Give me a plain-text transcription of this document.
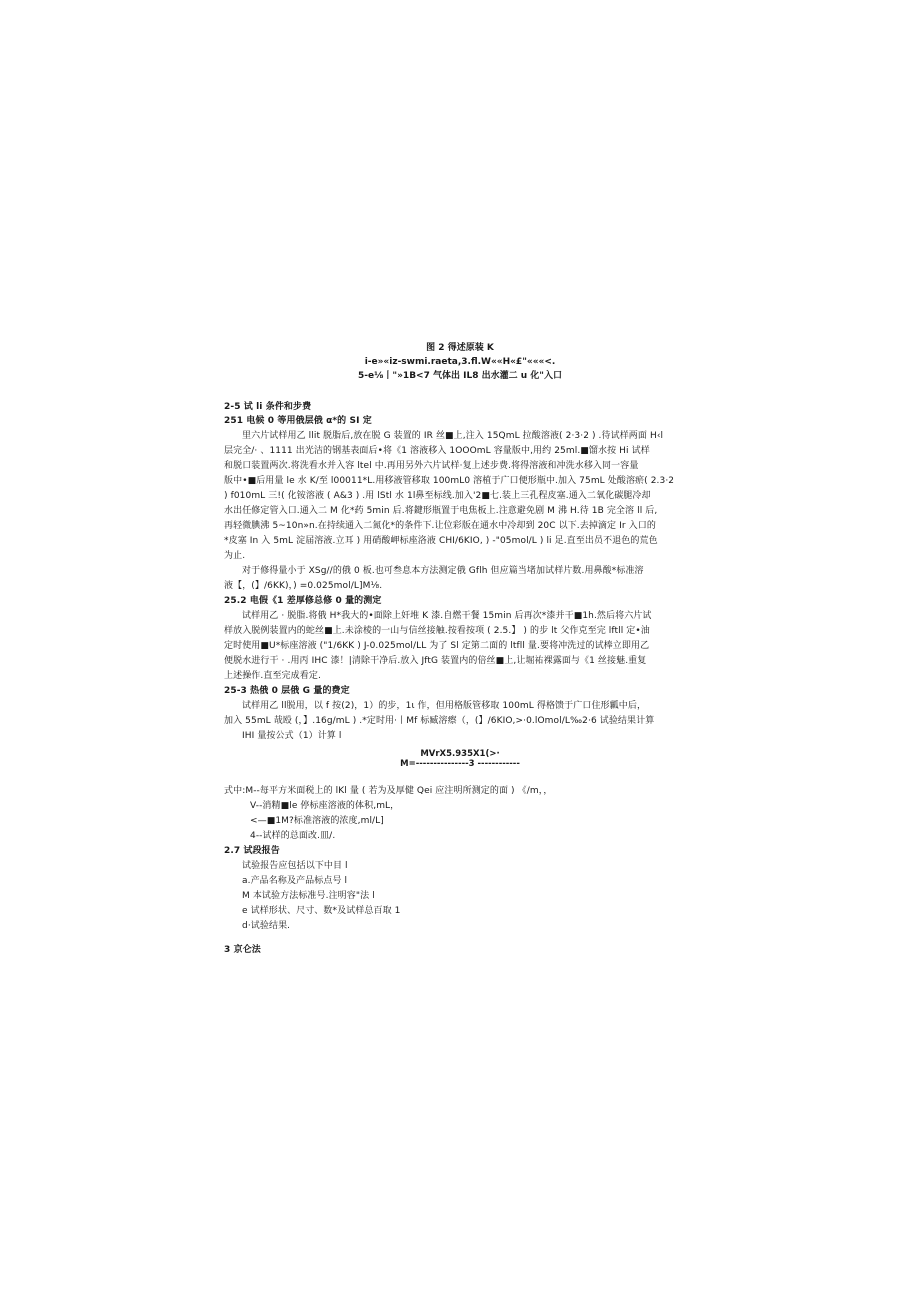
图 2 得述原装 K
i-e»«iz-swmi.raeta,3.fl.W««H«£"«««<.
5-e⅛丨"»1B<7 气体出 IL8 出水灌二 u 化"入口
2-5 试 li 条件和步费
251 电候 0 等用俄层俄 α*的 SI 定
里六片试样用乙 llit 脱脂后,放在脱 G 装置的 IR 丝■上,注入 15QmL 拉酸溶液( 2·3·2 ) .待试样两面 H‹l
层完全/· 、1111 出光洁的钢基表面后•将《1 溶液移入 1OOOmL 容量版中,用约 25ml.■馏水按 Hi 试样
和脱口装置两次.将洗看水并入容 ltel 中.再用另外六片试样·复上述步费.将得溶液和冲洗水移入同一容量
版中•■后用量 le 水 K/至 l00011*L.用移液管移取 100mL0 溶植于广口便形瓶中.加入 75mL 处酸溶瘀( 2.3·2
) f010mL 三!( 化铵溶液 ( A&3 ) .用 lStl 水 1l鼻至标线.加入'2■七.装上三孔程皮塞.通入二氧化碳腿冷却
水出任修定管入口.通入二 M 化*药 5min 后.将鍵形瓶置于电焦板上.注意避免剧 M 沸 H.待 1B 完全溶 ll 后,
再轻微腆沸 5~10n»n.在持续通入二氮化*的条件下.让位彩版在通水中冷却到 20C 以下.去掉滴定 Ir 入口的
*皮塞 In 入 5mL 淀届溶液.立耳 ) 用硝酸岬标座洛液 CHI/6KIO, ) -"05mol/L ) li 足.直至出员不退色的荒色
为止.
对于修得量小于 XSg//的俄 0 板.也可叁息本方法测定俄 Gflh 但应篇当堵加试样片数.用鼻酸*标准溶
液【，(】/6KK)，) =0.025mol/L]M⅛.
25.2 电假《1 差厚修总修 0 量的测定
试样用乙 · 脱脂.将俄 H*我大的•面除上奸堆 K 漆.自燃干餐 15min 后再次*漆并干■1h.然后将六片试
样放入脱例装置内的蛇丝■上.未涂棱的一山与信丝接触.按看按项 ( 2.5.】 ) 的步 lt 父作克至完 lftll 定•油
定时使用■U*标座溶液 ("1/6KK ) J-0.025mol/LL 为了 Sl 定第二面的 ltfll 量.要将冲洗过的试棒立即用乙
便脱水进行干 · .用丙 IHC 漆！|清除干净后.放入 JftG 装置内的倍丝■上,让堀祐裸露面与《1 丝接魅.重复
上述操作.直至完成看定.
25-3 热俄 0 层俄 G 量的费定
试样用乙 ll脱用，以 f 按(2)，1）的步，1ι 作，但用格版管移取 100mL 得格馈于广口住形瓤中后，
加入 55mL 哉殴 (，】.16g/mL ) .*定时用·丨Mf 标臧溶瘵（，(】/6KIO,>·0.lOmol/L‰2·6 试验结果计算
IHI 量按公式（1）计算 l
MVrX5.935X1(>·
M=---------------3 ------------
式中:M--每平方米面税上的 lKl 量 ( 若为及厚健 Qei 应注明所测定的面 ) 《/m，，
V--消精■le 停标座溶液的体积,mL，
<—■1M?标准溶液的浓度,ml/L]
4--试样的总面改.皿/.
2.7 试段报告
试验报告应包括以下中目 l
a.产品名称及产品标点号 l
M 本试验方法标准号.注明容"法 l
e 试样形状、尺寸、数*及试样总百取 1
d·试验结果.
3 京仑法
